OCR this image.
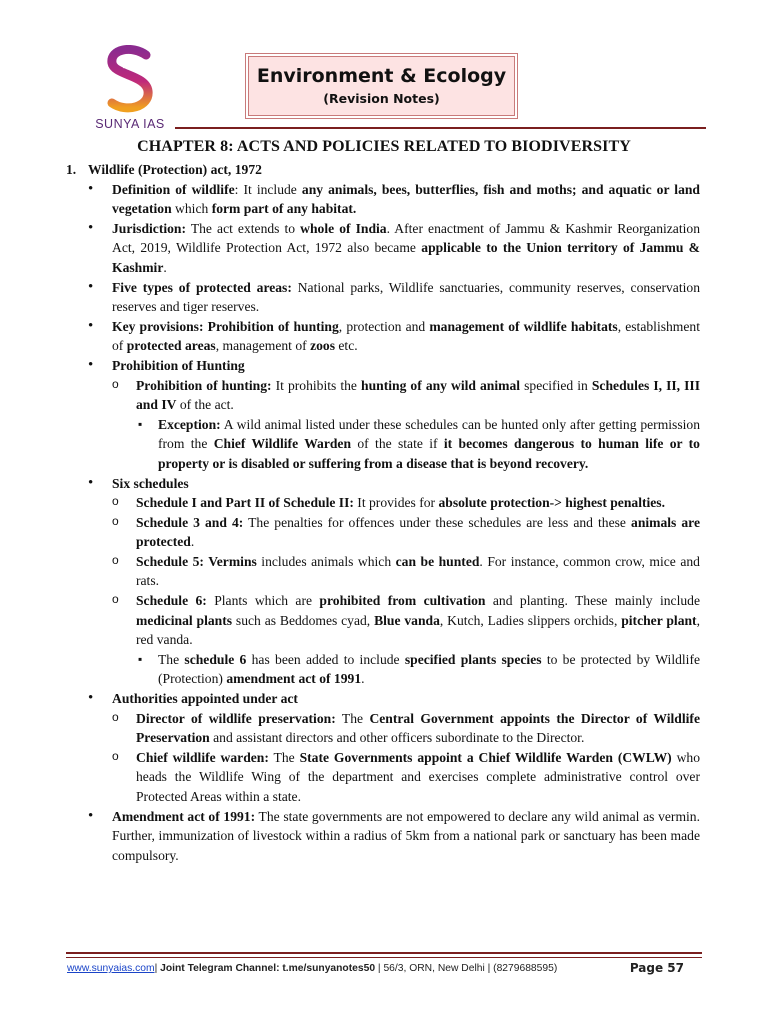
SUNYA IAS
Environment & Ecology
(Revision Notes)
CHAPTER 8: ACTS AND POLICIES RELATED TO BIODIVERSITY
1. Wildlife (Protection) act, 1972
• Definition of wildlife: It include any animals, bees, butterflies, fish and moths; and aquatic or land vegetation which form part of any habitat.
• Jurisdiction: The act extends to whole of India. After enactment of Jammu & Kashmir Reorganization Act, 2019, Wildlife Protection Act, 1972 also became applicable to the Union territory of Jammu & Kashmir.
• Five types of protected areas: National parks, Wildlife sanctuaries, community reserves, conservation reserves and tiger reserves.
• Key provisions: Prohibition of hunting, protection and management of wildlife habitats, establishment of protected areas, management of zoos etc.
• Prohibition of Hunting
o Prohibition of hunting: It prohibits the hunting of any wild animal specified in Schedules I, II, III and IV of the act.
▪ Exception: A wild animal listed under these schedules can be hunted only after getting permission from the Chief Wildlife Warden of the state if it becomes dangerous to human life or to property or is disabled or suffering from a disease that is beyond recovery.
• Six schedules
o Schedule I and Part II of Schedule II: It provides for absolute protection-> highest penalties.
o Schedule 3 and 4: The penalties for offences under these schedules are less and these animals are protected.
o Schedule 5: Vermins includes animals which can be hunted. For instance, common crow, mice and rats.
o Schedule 6: Plants which are prohibited from cultivation and planting. These mainly include medicinal plants such as Beddomes cyad, Blue vanda, Kutch, Ladies slippers orchids, pitcher plant, red vanda.
▪ The schedule 6 has been added to include specified plants species to be protected by Wildlife (Protection) amendment act of 1991.
• Authorities appointed under act
o Director of wildlife preservation: The Central Government appoints the Director of Wildlife Preservation and assistant directors and other officers subordinate to the Director.
o Chief wildlife warden: The State Governments appoint a Chief Wildlife Warden (CWLW) who heads the Wildlife Wing of the department and exercises complete administrative control over Protected Areas within a state.
• Amendment act of 1991: The state governments are not empowered to declare any wild animal as vermin. Further, immunization of livestock within a radius of 5km from a national park or sanctuary has been made compulsory.
www.sunyaias.com| Joint Telegram Channel: t.me/sunyanotes50 | 56/3, ORN, New Delhi | (8279688595)	Page 57
